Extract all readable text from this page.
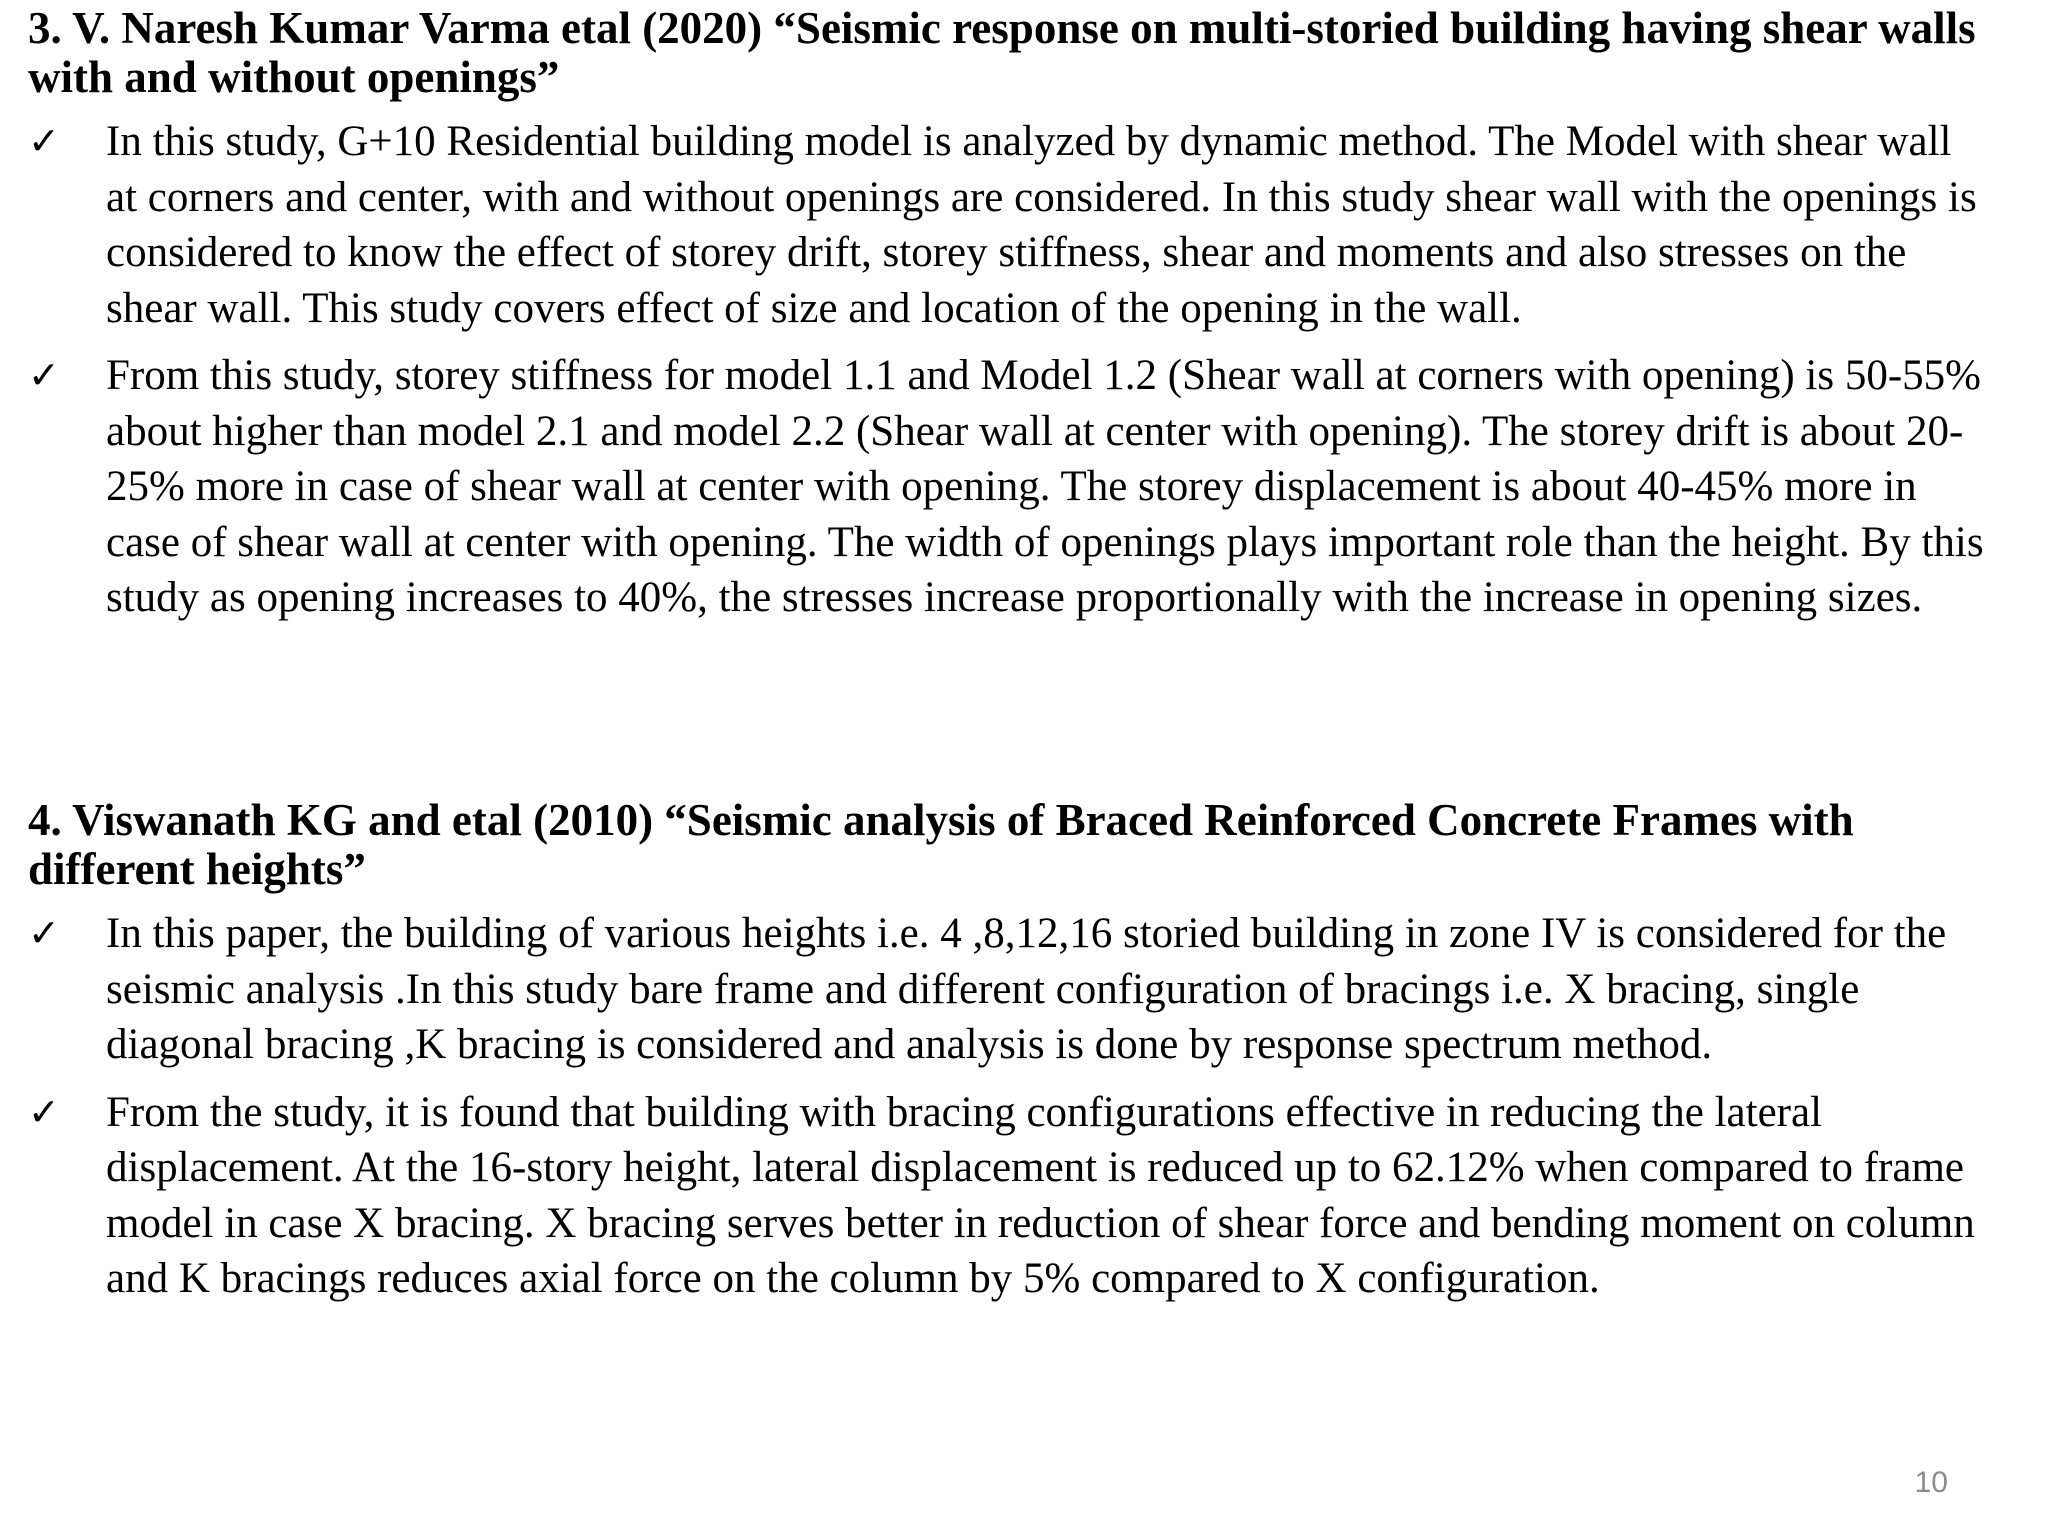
3. V. Naresh Kumar Varma etal (2020) “Seismic response on multi-storied building having shear walls with and without openings”
✓ In this study, G+10 Residential building model is analyzed by dynamic method. The Model with shear wall at corners and center, with and without openings are considered. In this study shear wall with the openings is considered to know the effect of storey drift, storey stiffness, shear and moments and also stresses on the shear wall. This study covers effect of size and location of the opening in the wall.
✓ From this study, storey stiffness for model 1.1 and Model 1.2 (Shear wall at corners with opening) is 50-55% about higher than model 2.1 and model 2.2 (Shear wall at center with opening). The storey drift is about 20-25% more in case of shear wall at center with opening. The storey displacement is about 40-45% more in case of shear wall at center with opening. The width of openings plays important role than the height. By this study as opening increases to 40%, the stresses increase proportionally with the increase in opening sizes.
4. Viswanath KG and etal (2010) “Seismic analysis of Braced Reinforced Concrete Frames with different heights”
✓ In this paper, the building of various heights i.e. 4 ,8,12,16 storied building in zone IV is considered for the seismic analysis .In this study bare frame and different configuration of bracings i.e. X bracing, single diagonal bracing ,K bracing is considered and analysis is done by response spectrum method.
✓ From the study, it is found that building with bracing configurations effective in reducing the lateral displacement. At the 16-story height, lateral displacement is reduced up to 62.12% when compared to frame model in case X bracing. X bracing serves better in reduction of shear force and bending moment on column and K bracings reduces axial force on the column by 5% compared to X configuration.
10
